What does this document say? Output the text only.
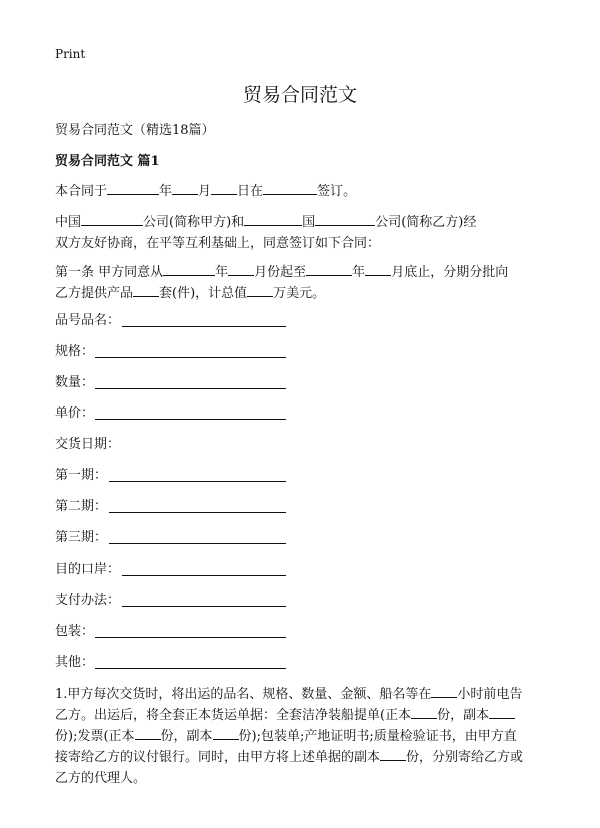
Print
贸易合同范文
贸易合同范文（精选18篇）
贸易合同范文 篇1
本合同于	年 月 日在	签订。
中国	公司(简称甲方)和	国	公司(简称乙方)经
双方友好协商，在平等互利基础上，同意签订如下合同：
第一条 甲方同意从	年 月份起至	年 月底止，分期分批向
乙方提供产品 套(件)，计总值 万美元。
品号品名：
规格：
数量：
单价：
交货日期：
第一期：
第二期：
第三期：
目的口岸：
支付办法：
包装：
其他：
1.甲方每次交货时，将出运的品名、规格、数量、金额、船名等在 小时前电告
乙方。出运后，将全套正本货运单据：全套洁净装船提单(正本 份，副本
份);发票(正本 份，副本 份);包装单;产地证明书;质量检验证书，由甲方直
接寄给乙方的议付银行。同时，由甲方将上述单据的副本 份，分别寄给乙方或
乙方的代理人。
